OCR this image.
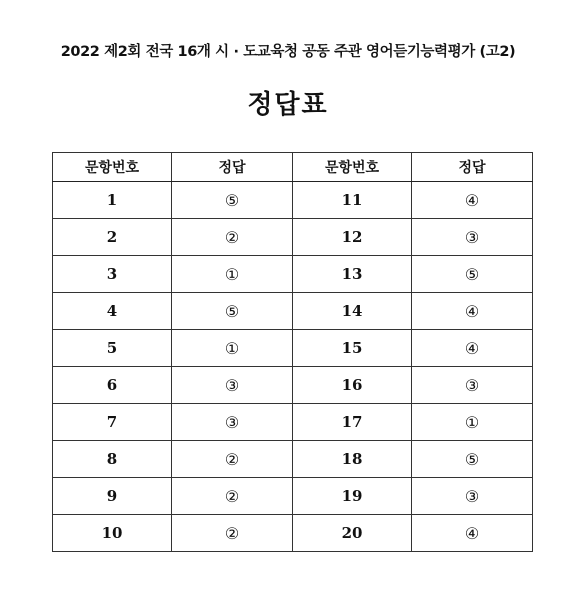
2022 제2회 전국 16개 시 · 도교육청 공동 주관 영어듣기능력평가 (고2)
정답표
문항번호	정답	문항번호	정답
1	⑤	11	④
2	②	12	③
3	①	13	⑤
4	⑤	14	④
5	①	15	④
6	③	16	③
7	③	17	①
8	②	18	⑤
9	②	19	③
10	②	20	④
